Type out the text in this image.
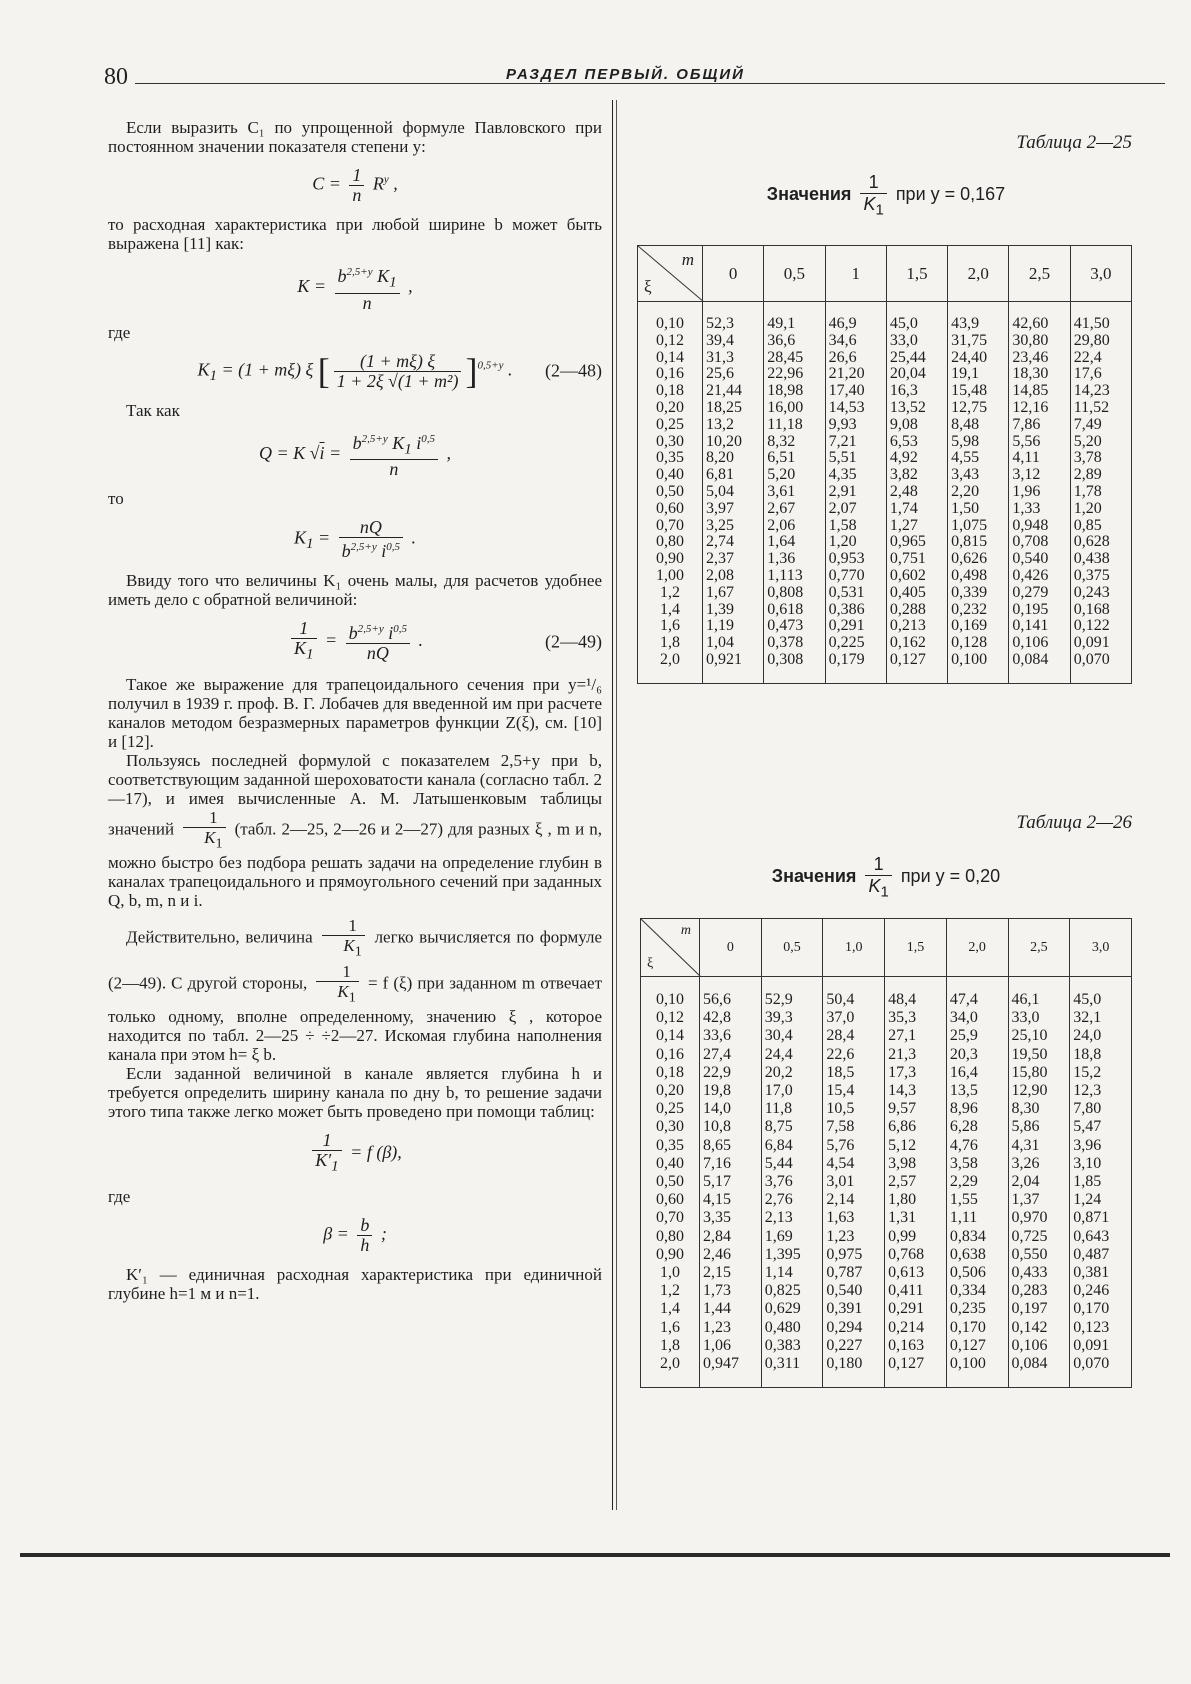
80	РАЗДЕЛ ПЕРВЫЙ. ОБЩИЙ

Если выразить C₁ по упрощенной формуле Павловского при постоянном значении показателя степени y:

$C = \frac{1}{n} R^y$ ,

то расходная характеристика при любой ширине b может быть выражена [11] как:

$K = \frac{b^{2,5+y} K_1}{n}$ ,

где

$K_1 = (1 + m\xi)$ ξ [ $\frac{(1 + m\xi) \xi}{\text{1 + 2ξ √(1 + m²)}} ]^{0,5+y}$ . (2—48)

Так как

Q = K $√i = \frac{b^{2,5+y} K_1 i^{0,5}}{n}$ ,

то

$K_1 = \frac{nQ}{b^{2,5+y} i^{0,5}}$ .

Ввиду того что величины K₁ очень малы, для расчетов удобнее иметь дело с обратной величиной:

$\frac{1}{K_1} = \frac{b^{2,5+y} i^{0,5}}{nQ}$ .	(2—49)

Такое же выражение для трапецоидального сечения при y=¹/₆ получил в 1939 г. проф. В. Г. Лобачев для введенной им при расчете каналов методом безразмерных параметров функции Z(ξ), см. [10] и [12].

Пользуясь последней формулой с показателем 2,5+y при b, соответствующим заданной шероховатости канала (согласно табл. 2—17), и имея вычисленные А. М. Латышенковым таблицы значений $\frac{1}{K_1}$ (табл. 2—25, 2—26 и 2—27) для разных ξ , m и n, можно быстро без подбора решать задачи на определение глубин в каналах трапецоидального и прямоугольного сечений при заданных Q, b, m, n и i.

Действительно, величина $\frac{1}{K_1}$ легко вычисляется по формуле (2—49). С другой стороны, $\frac{1}{K_1} = f$ (ξ) при заданном m отвечает только одному, вполне определенному, значению ξ , которое находится по табл. 2—25 ÷ ÷2—27. Искомая глубина наполнения канала при этом h= ξ b.

Если заданной величиной в канале является глубина h и требуется определить ширину канала по дну b, то решение задачи этого типа также легко может быть проведено при помощи таблиц:

$\frac{1}{K'_1} = f$ (β),

где

$\beta = \frac{b}{h}$ ;

K′₁ — единичная расходная характеристика при единичной глубине h=1 м и n=1.

Таблица 2—25
Значения $\frac{1}{K_1}$ при y = 0,167
m
ξ	0	0,5	1	1,5	2,0	2,5	3,0
0,10	52,3	49,1	46,9	45,0	43,9	42,60	41,50
0,12	39,4	36,6	34,6	33,0	31,75	30,80	29,80
0,14	31,3	28,45	26,6	25,44	24,40	23,46	22,4
0,16	25,6	22,96	21,20	20,04	19,1	18,30	17,6
0,18	21,44	18,98	17,40	16,3	15,48	14,85	14,23
0,20	18,25	16,00	14,53	13,52	12,75	12,16	11,52
0,25	13,2	11,18	9,93	9,08	8,48	7,86	7,49
0,30	10,20	8,32	7,21	6,53	5,98	5,56	5,20
0,35	8,20	6,51	5,51	4,92	4,55	4,11	3,78
0,40	6,81	5,20	4,35	3,82	3,43	3,12	2,89
0,50	5,04	3,61	2,91	2,48	2,20	1,96	1,78
0,60	3,97	2,67	2,07	1,74	1,50	1,33	1,20
0,70	3,25	2,06	1,58	1,27	1,075	0,948	0,85
0,80	2,74	1,64	1,20	0,965	0,815	0,708	0,628
0,90	2,37	1,36	0,953	0,751	0,626	0,540	0,438
1,00	2,08	1,113	0,770	0,602	0,498	0,426	0,375
1,2	1,67	0,808	0,531	0,405	0,339	0,279	0,243
1,4	1,39	0,618	0,386	0,288	0,232	0,195	0,168
1,6	1,19	0,473	0,291	0,213	0,169	0,141	0,122
1,8	1,04	0,378	0,225	0,162	0,128	0,106	0,091
2,0	0,921	0,308	0,179	0,127	0,100	0,084	0,070
Таблица 2—26
Значения $\frac{1}{K_1}$ при y = 0,20
m
ξ	0	0,5	1,0	1,5	2,0	2,5	3,0
0,10	56,6	52,9	50,4	48,4	47,4	46,1	45,0
0,12	42,8	39,3	37,0	35,3	34,0	33,0	32,1
0,14	33,6	30,4	28,4	27,1	25,9	25,10	24,0
0,16	27,4	24,4	22,6	21,3	20,3	19,50	18,8
0,18	22,9	20,2	18,5	17,3	16,4	15,80	15,2
0,20	19,8	17,0	15,4	14,3	13,5	12,90	12,3
0,25	14,0	11,8	10,5	9,57	8,96	8,30	7,80
0,30	10,8	8,75	7,58	6,86	6,28	5,86	5,47
0,35	8,65	6,84	5,76	5,12	4,76	4,31	3,96
0,40	7,16	5,44	4,54	3,98	3,58	3,26	3,10
0,50	5,17	3,76	3,01	2,57	2,29	2,04	1,85
0,60	4,15	2,76	2,14	1,80	1,55	1,37	1,24
0,70	3,35	2,13	1,63	1,31	1,11	0,970	0,871
0,80	2,84	1,69	1,23	0,99	0,834	0,725	0,643
0,90	2,46	1,395	0,975	0,768	0,638	0,550	0,487
1,0	2,15	1,14	0,787	0,613	0,506	0,433	0,381
1,2	1,73	0,825	0,540	0,411	0,334	0,283	0,246
1,4	1,44	0,629	0,391	0,291	0,235	0,197	0,170
1,6	1,23	0,480	0,294	0,214	0,170	0,142	0,123
1,8	1,06	0,383	0,227	0,163	0,127	0,106	0,091
2,0	0,947	0,311	0,180	0,127	0,100	0,084	0,070
